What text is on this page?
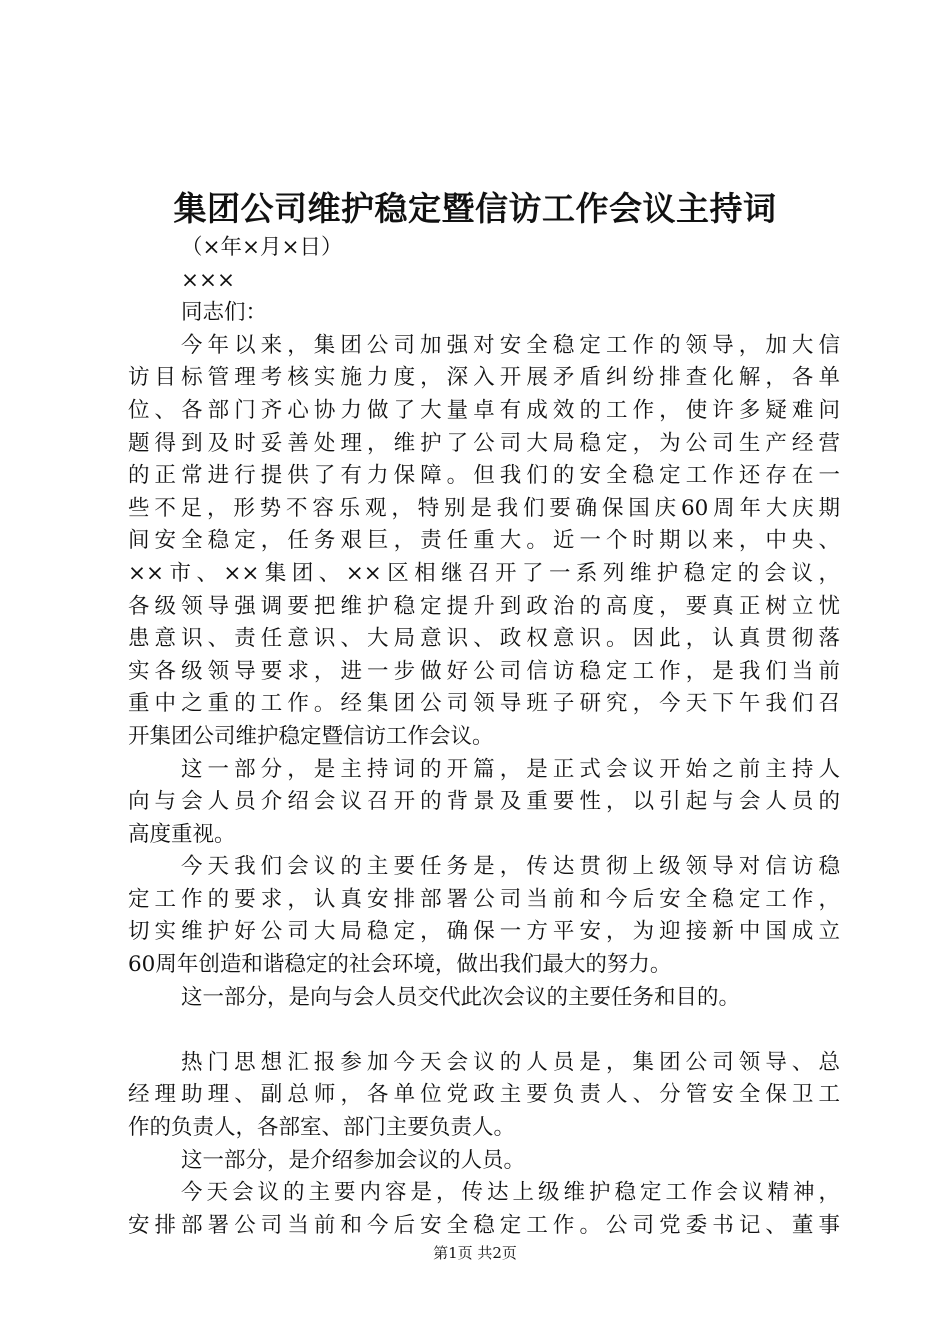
集团公司维护稳定暨信访工作会议主持词
（×年×月×日）
×××
同志们：
今年以来，集团公司加强对安全稳定工作的领导，加大信
访目标管理考核实施力度，深入开展矛盾纠纷排查化解，各单
位、各部门齐心协力做了大量卓有成效的工作，使许多疑难问
题得到及时妥善处理，维护了公司大局稳定，为公司生产经营
的正常进行提供了有力保障。但我们的安全稳定工作还存在一
些不足，形势不容乐观，特别是我们要确保国庆60周年大庆期
间安全稳定，任务艰巨，责任重大。近一个时期以来，中央、
××市、××集团、××区相继召开了一系列维护稳定的会议，
各级领导强调要把维护稳定提升到政治的高度，要真正树立忧
患意识、责任意识、大局意识、政权意识。因此，认真贯彻落
实各级领导要求，进一步做好公司信访稳定工作，是我们当前
重中之重的工作。经集团公司领导班子研究，今天下午我们召
开集团公司维护稳定暨信访工作会议。
这一部分，是主持词的开篇，是正式会议开始之前主持人
向与会人员介绍会议召开的背景及重要性，以引起与会人员的
高度重视。
今天我们会议的主要任务是，传达贯彻上级领导对信访稳
定工作的要求，认真安排部署公司当前和今后安全稳定工作，
切实维护好公司大局稳定，确保一方平安，为迎接新中国成立
60周年创造和谐稳定的社会环境，做出我们最大的努力。
这一部分，是向与会人员交代此次会议的主要任务和目的。
热门思想汇报参加今天会议的人员是，集团公司领导、总
经理助理、副总师，各单位党政主要负责人、分管安全保卫工
作的负责人，各部室、部门主要负责人。
这一部分，是介绍参加会议的人员。
今天会议的主要内容是，传达上级维护稳定工作会议精神，
安排部署公司当前和今后安全稳定工作。公司党委书记、董事
第1页 共2页
